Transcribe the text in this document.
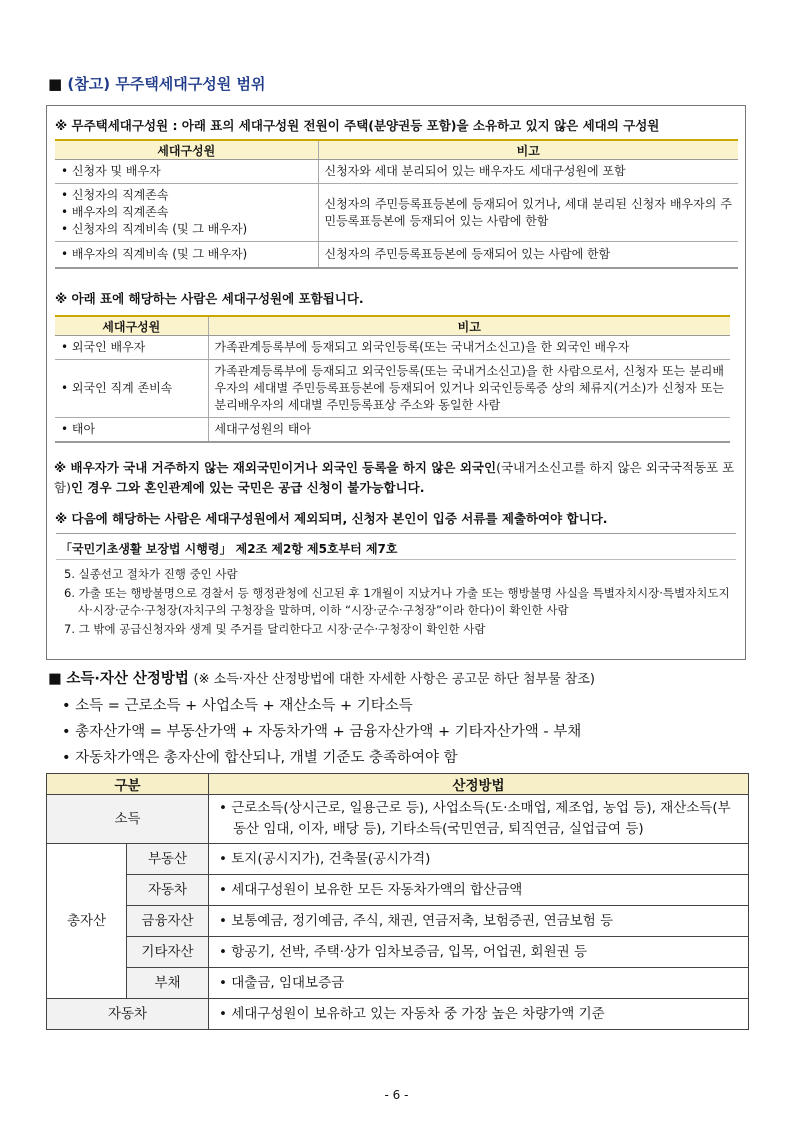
■ (참고) 무주택세대구성원 범위
※ 무주택세대구성원 : 아래 표의 세대구성원 전원이 주택(분양권등 포함)을 소유하고 있지 않은 세대의 구성원
세대구성원	비고

• 신청자 및 배우자	신청자와 세대 분리되어 있는 배우자도 세대구성원에 포함

• 신청자의 직계존속
• 배우자의 직계존속
• 신청자의 직계비속 (및 그 배우자)	신청자의 주민등록표등본에 등재되어 있거나, 세대 분리된 신청자 배우자의 주민등록표등본에 등재되어 있는 사람에 한함

• 배우자의 직계비속 (및 그 배우자)	신청자의 주민등록표등본에 등재되어 있는 사람에 한함
※ 아래 표에 해당하는 사람은 세대구성원에 포함됩니다.
세대구성원	비고

• 외국인 배우자	가족관계등록부에 등재되고 외국인등록(또는 국내거소신고)을 한 외국인 배우자

• 외국인 직계 존비속	가족관계등록부에 등재되고 외국인등록(또는 국내거소신고)을 한 사람으로서, 신청자 또는 분리배우자의 세대별 주민등록표등본에 등재되어 있거나 외국인등록증 상의 체류지(거소)가 신청자 또는 분리배우자의 세대별 주민등록표상 주소와 동일한 사람

• 태아	세대구성원의 태아
※ 배우자가 국내 거주하지 않는 재외국민이거나 외국인 등록을 하지 않은 외국인(국내거소신고를 하지 않은 외국국적동포 포함)인 경우 그와 혼인관계에 있는 국민은 공급 신청이 불가능합니다.
※ 다음에 해당하는 사람은 세대구성원에서 제외되며, 신청자 본인이 입증 서류를 제출하여야 합니다.
「국민기초생활 보장법 시행령」 제2조 제2항 제5호부터 제7호
5. 실종선고 절차가 진행 중인 사람
6. 가출 또는 행방불명으로 경찰서 등 행정관청에 신고된 후 1개월이 지났거나 가출 또는 행방불명 사실을 특별자치시장·특별자치도지사·시장·군수·구청장(자치구의 구청장을 말하며, 이하 “시장·군수·구청장”이라 한다)이 확인한 사람
7. 그 밖에 공급신청자와 생계 및 주거를 달리한다고 시장·군수·구청장이 확인한 사람
■ 소득·자산 산정방법 (※ 소득·자산 산정방법에 대한 자세한 사항은 공고문 하단 첨부물 참조)
• 소득 = 근로소득 + 사업소득 + 재산소득 + 기타소득
• 총자산가액 = 부동산가액 + 자동차가액 + 금융자산가액 + 기타자산가액 - 부채
• 자동차가액은 총자산에 합산되나, 개별 기준도 충족하여야 함
구분		산정방법
소득		• 근로소득(상시근로, 일용근로 등), 사업소득(도·소매업, 제조업, 농업 등), 재산소득(부동산 임대, 이자, 배당 등), 기타소득(국민연금, 퇴직연금, 실업급여 등)

총자산	부동산	• 토지(공시지가), 건축물(공시가격)
	자동차	• 세대구성원이 보유한 모든 자동차가액의 합산금액
	금융자산	• 보통예금, 정기예금, 주식, 채권, 연금저축, 보험증권, 연금보험 등
	기타자산	• 항공기, 선박, 주택·상가 임차보증금, 입목, 어업권, 회원권 등
	부채	• 대출금, 임대보증금
자동차		• 세대구성원이 보유하고 있는 자동차 중 가장 높은 차량가액 기준
- 6 -
